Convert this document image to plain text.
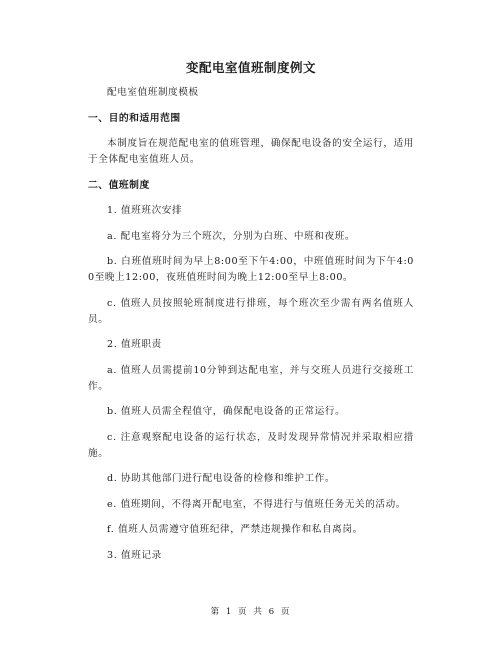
变配电室值班制度例文
配电室值班制度模板
一、目的和适用范围
本制度旨在规范配电室的值班管理，确保配电设备的安全运行，适用于全体配电室值班人员。
二、值班制度
1. 值班班次安排
a. 配电室将分为三个班次，分别为白班、中班和夜班。
b. 白班值班时间为早上8:00至下午4:00，中班值班时间为下午4:00至晚上12:00，夜班值班时间为晚上12:00至早上8:00。
c. 值班人员按照轮班制度进行排班，每个班次至少需有两名值班人员。
2. 值班职责
a. 值班人员需提前10分钟到达配电室，并与交班人员进行交接班工作。
b. 值班人员需全程值守，确保配电设备的正常运行。
c. 注意观察配电设备的运行状态，及时发现异常情况并采取相应措施。
d. 协助其他部门进行配电设备的检修和维护工作。
e. 值班期间，不得离开配电室，不得进行与值班任务无关的活动。
f. 值班人员需遵守值班纪律，严禁违规操作和私自离岗。
3. 值班记录
第 1 页 共 6 页
